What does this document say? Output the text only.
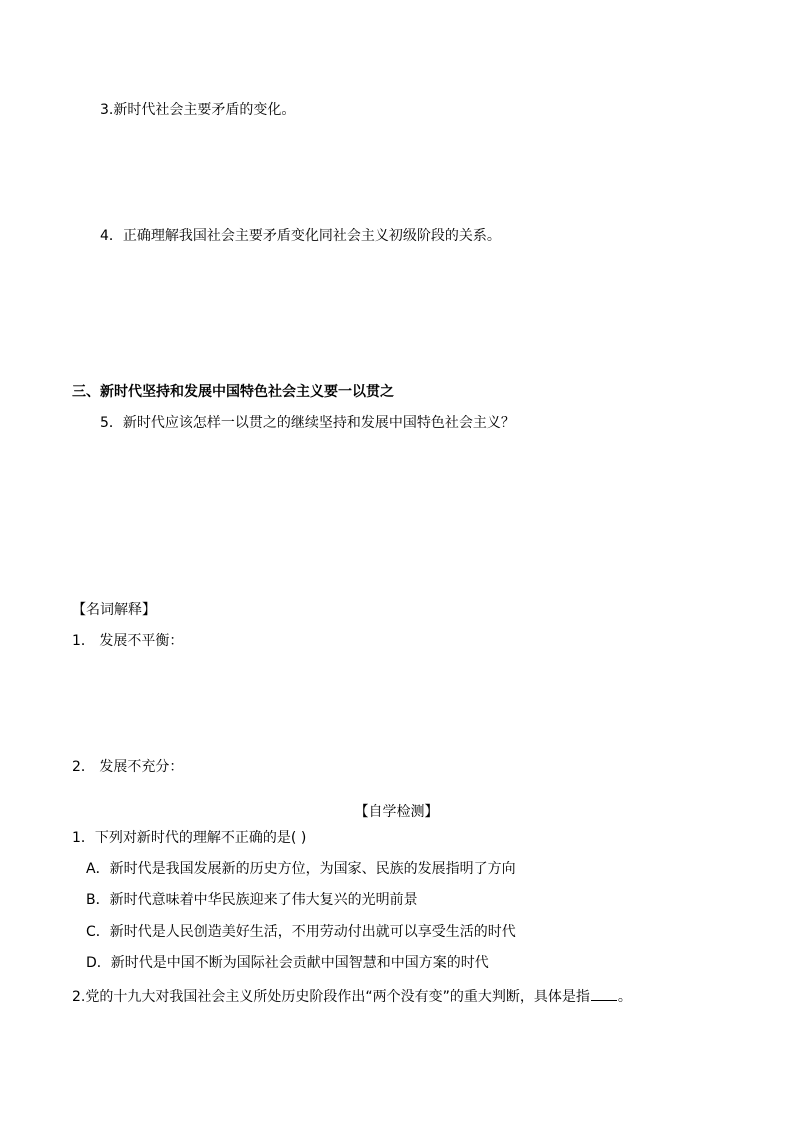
3.新时代社会主要矛盾的变化。
4．正确理解我国社会主要矛盾变化同社会主义初级阶段的关系。
三、新时代坚持和发展中国特色社会主义要一以贯之
5．新时代应该怎样一以贯之的继续坚持和发展中国特色社会主义？
【名词解释】
1． 发展不平衡：
2． 发展不充分：
【自学检测】
1．下列对新时代的理解不正确的是( )
A．新时代是我国发展新的历史方位，为国家、民族的发展指明了方向
B．新时代意味着中华民族迎来了伟大复兴的光明前景
C．新时代是人民创造美好生活，不用劳动付出就可以享受生活的时代
D．新时代是中国不断为国际社会贡献中国智慧和中国方案的时代
2.党的十九大对我国社会主义所处历史阶段作出“两个没有变”的重大判断，具体是指 。
